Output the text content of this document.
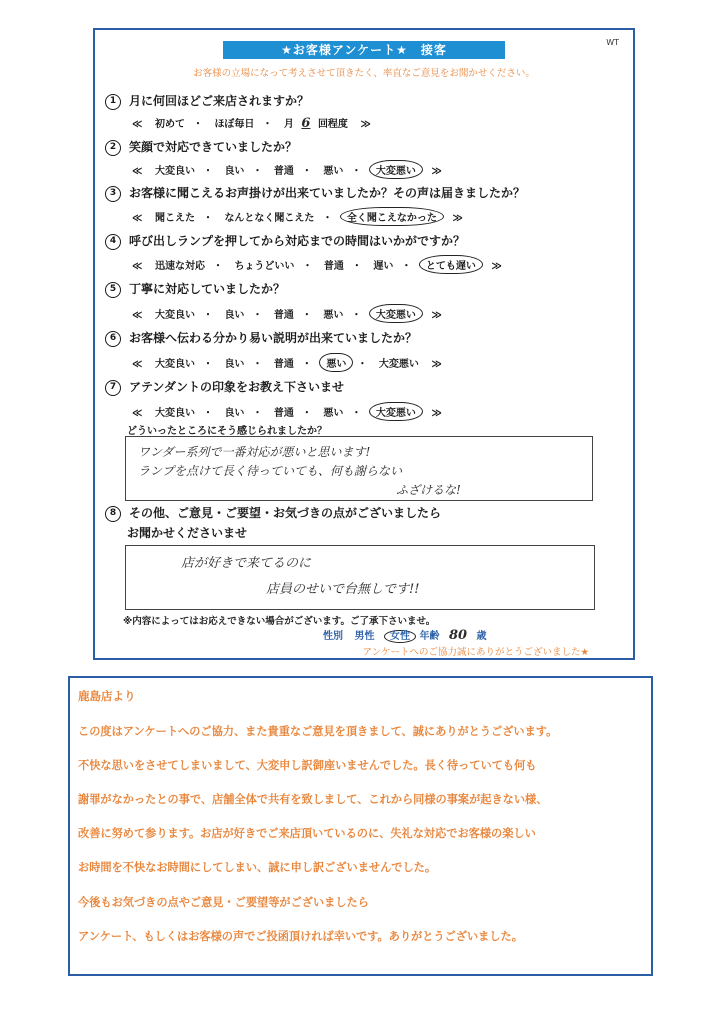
WT
★お客様アンケート★　接客
お客様の立場になって考えさせて頂きたく、率直なご意見をお聞かせください。
1 月に何回ほどご来店されますか？
≪ 初めて ・ ほぼ毎日 ・ 月 6 回程度 ≫
2 笑顔で対応できていましたか？
≪ 大変良い ・ 良い ・ 普通 ・ 悪い ・ 大変悪い ≫
3 お客様に聞こえるお声掛けが出来ていましたか？その声は届きましたか？
≪ 聞こえた ・ なんとなく聞こえた ・ 全く聞こえなかった ≫
4 呼び出しランプを押してから対応までの時間はいかがですか？
≪ 迅速な対応 ・ ちょうどいい ・ 普通 ・ 遅い ・ とても遅い ≫
5 丁寧に対応していましたか？
≪ 大変良い ・ 良い ・ 普通 ・ 悪い ・ 大変悪い ≫
6 お客様へ伝わる分かり易い説明が出来ていましたか？
≪ 大変良い ・ 良い ・ 普通 ・ 悪い ・ 大変悪い ≫
7 アテンダントの印象をお教え下さいませ
≪ 大変良い ・ 良い ・ 普通 ・ 悪い ・ 大変悪い ≫
どういったところにそう感じられましたか？
ワンダー系列で一番対応が悪いと思います!
ランプを点けて長く待っていても、何も謝らない
ふざけるな!
8 その他、ご意見・ご要望・お気づきの点がございましたら
お聞かせくださいませ
店が好きで来てるのに
店員のせいで台無しです!!
※内容によってはお応えできない場合がございます。ご了承下さいませ。
性別 男性 女性 年齢 80 歳
アンケートへのご協力誠にありがとうございました★
鹿島店より
この度はアンケートへのご協力、また貴重なご意見を頂きまして、誠にありがとうございます。
不快な思いをさせてしまいまして、大変申し訳御座いませんでした。長く待っていても何も
謝罪がなかったとの事で、店舗全体で共有を致しまして、これから同様の事案が起きない様、
改善に努めて参ります。お店が好きでご来店頂いているのに、失礼な対応でお客様の楽しい
お時間を不快なお時間にしてしまい、誠に申し訳ございませんでした。
今後もお気づきの点やご意見・ご要望等がございましたら
アンケート、もしくはお客様の声でご投函頂ければ幸いです。ありがとうございました。
